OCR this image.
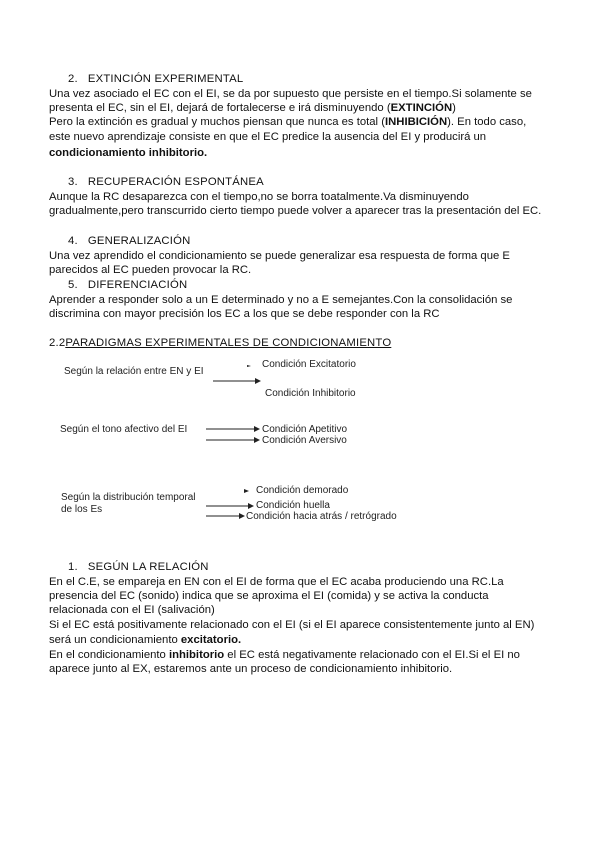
2. EXTINCIÓN EXPERIMENTAL
Una vez asociado el EC con el EI, se da por supuesto que persiste en el tiempo.Si solamente se
presenta el EC, sin el EI, dejará de fortalecerse e irá disminuyendo (EXTINCIÓN)
Pero la extinción es gradual y muchos piensan que nunca es total (INHIBICIÓN). En todo caso,
este nuevo aprendizaje consiste en que el EC predice la ausencia del EI y producirá un
condicionamiento inhibitorio.
3. RECUPERACIÓN ESPONTÁNEA
Aunque la RC desaparezca con el tiempo,no se borra toatalmente.Va disminuyendo
gradualmente,pero transcurrido cierto tiempo puede volver a aparecer tras la presentación del EC.
4. GENERALIZACIÓN
Una vez aprendido el condicionamiento se puede generalizar esa respuesta de forma que E
parecidos al EC pueden provocar la RC.
5. DIFERENCIACIÓN
Aprender a responder solo a un E determinado y no a E semejantes.Con la consolidación se
discrimina con mayor precisión los EC a los que se debe responder con la RC
2.2PARADIGMAS EXPERIMENTALES DE CONDICIONAMIENTO
Según la relación entre EN y EI
Condición Excitatorio
Condición Inhibitorio
Según el tono afectivo del EI	Condición Apetitivo
Condición Aversivo
Según la distribución temporal
de los Es
Condición demorado
Condición huella
Condición hacia atrás / retrógrado
1. SEGÚN LA RELACIÓN
En el C.E, se empareja en EN con el EI de forma que el EC acaba produciendo una RC.La
presencia del EC (sonido) indica que se aproxima el EI (comida) y se activa la conducta
relacionada con el EI (salivación)
Si el EC está positivamente relacionado con el EI (si el EI aparece consistentemente junto al EN)
será un condicionamiento excitatorio.
En el condicionamiento inhibitorio el EC está negativamente relacionado con el EI.Si el EI no
aparece junto al EX, estaremos ante un proceso de condicionamiento inhibitorio.
